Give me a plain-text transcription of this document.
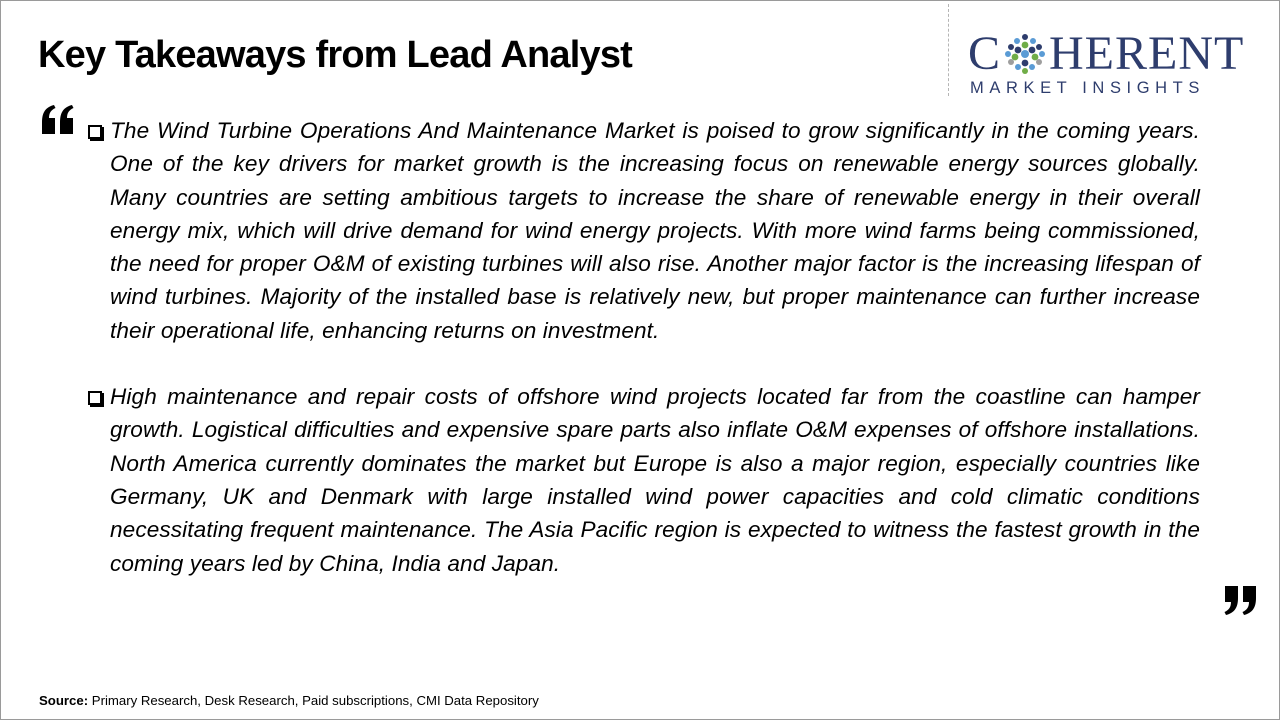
Key Takeaways from Lead Analyst	C HERENT
MARKET INSIGHTS
The Wind Turbine Operations And Maintenance Market is poised to grow significantly in the coming years. One of the key drivers for market growth is the increasing focus on renewable energy sources globally. Many countries are setting ambitious targets to increase the share of renewable energy in their overall energy mix, which will drive demand for wind energy projects. With more wind farms being commissioned, the need for proper O&M of existing turbines will also rise. Another major factor is the increasing lifespan of wind turbines. Majority of the installed base is relatively new, but proper maintenance can further increase their operational life, enhancing returns on investment.
High maintenance and repair costs of offshore wind projects located far from the coastline can hamper growth. Logistical difficulties and expensive spare parts also inflate O&M expenses of offshore installations. North America currently dominates the market but Europe is also a major region, especially countries like Germany, UK and Denmark with large installed wind power capacities and cold climatic conditions necessitating frequent maintenance. The Asia Pacific region is expected to witness the fastest growth in the coming years led by China, India and Japan.
Source: Primary Research, Desk Research, Paid subscriptions, CMI Data Repository
